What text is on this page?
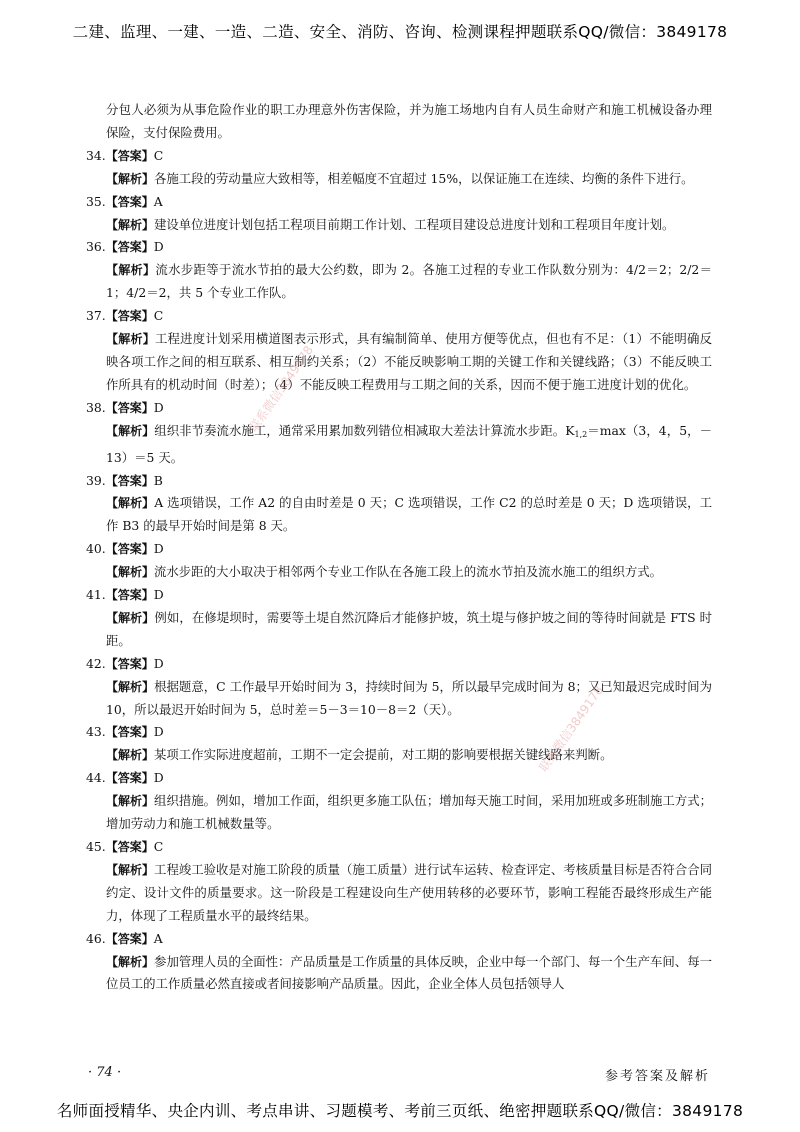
二建、监理、一建、一造、二造、安全、消防、咨询、检测课程押题联系QQ/微信：3849178
分包人必须为从事危险作业的职工办理意外伤害保险，并为施工场地内自有人员生命财产和施工机械设备办理保险，支付保险费用。
34.【答案】C
【解析】各施工段的劳动量应大致相等，相差幅度不宜超过 15%，以保证施工在连续、均衡的条件下进行。
35.【答案】A
【解析】建设单位进度计划包括工程项目前期工作计划、工程项目建设总进度计划和工程项目年度计划。
36.【答案】D
【解析】流水步距等于流水节拍的最大公约数，即为 2。各施工过程的专业工作队数分别为：4/2＝2；2/2＝1；4/2＝2，共 5 个专业工作队。
37.【答案】C
【解析】工程进度计划采用横道图表示形式，具有编制简单、使用方便等优点，但也有不足：（1）不能明确反映各项工作之间的相互联系、相互制约关系；（2）不能反映影响工期的关键工作和关键线路；（3）不能反映工作所具有的机动时间（时差）；（4）不能反映工程费用与工期之间的关系，因而不便于施工进度计划的优化。
38.【答案】D
【解析】组织非节奏流水施工，通常采用累加数列错位相减取大差法计算流水步距。$K_{1,2}=\max(3$，4，5，－13）＝5 天。
39.【答案】B
【解析】A 选项错误，工作 A2 的自由时差是 0 天；C 选项错误，工作 C2 的总时差是 0 天；D 选项错误，工作 B3 的最早开始时间是第 8 天。
40.【答案】D
【解析】流水步距的大小取决于相邻两个专业工作队在各施工段上的流水节拍及流水施工的组织方式。
41.【答案】D
【解析】例如，在修堤坝时，需要等土堤自然沉降后才能修护坡，筑土堤与修护坡之间的等待时间就是 FTS 时距。
42.【答案】D
【解析】根据题意，C 工作最早开始时间为 3，持续时间为 5，所以最早完成时间为 8；又已知最迟完成时间为 10，所以最迟开始时间为 5，总时差＝5－3＝10－8＝2（天）。
43.【答案】D
【解析】某项工作实际进度超前，工期不一定会提前，对工期的影响要根据关键线路来判断。
44.【答案】D
【解析】组织措施。例如，增加工作面，组织更多施工队伍；增加每天施工时间，采用加班或多班制施工方式；增加劳动力和施工机械数量等。
45.【答案】C
【解析】工程竣工验收是对施工阶段的质量（施工质量）进行试车运转、检查评定、考核质量目标是否符合合同约定、设计文件的质量要求。这一阶段是工程建设向生产使用转移的必要环节，影响工程能否最终形成生产能力，体现了工程质量水平的最终结果。
46.【答案】A
【解析】参加管理人员的全面性：产品质量是工作质量的具体反映，企业中每一个部门、每一个生产车间、每一位员工的工作质量必然直接或者间接影响产品质量。因此，企业全体人员包括领导人
联系微信3849178
联系微信3849178
· 74 ·	参考答案及解析
名师面授精华、央企内训、考点串讲、习题模考、考前三页纸、绝密押题联系QQ/微信：3849178
